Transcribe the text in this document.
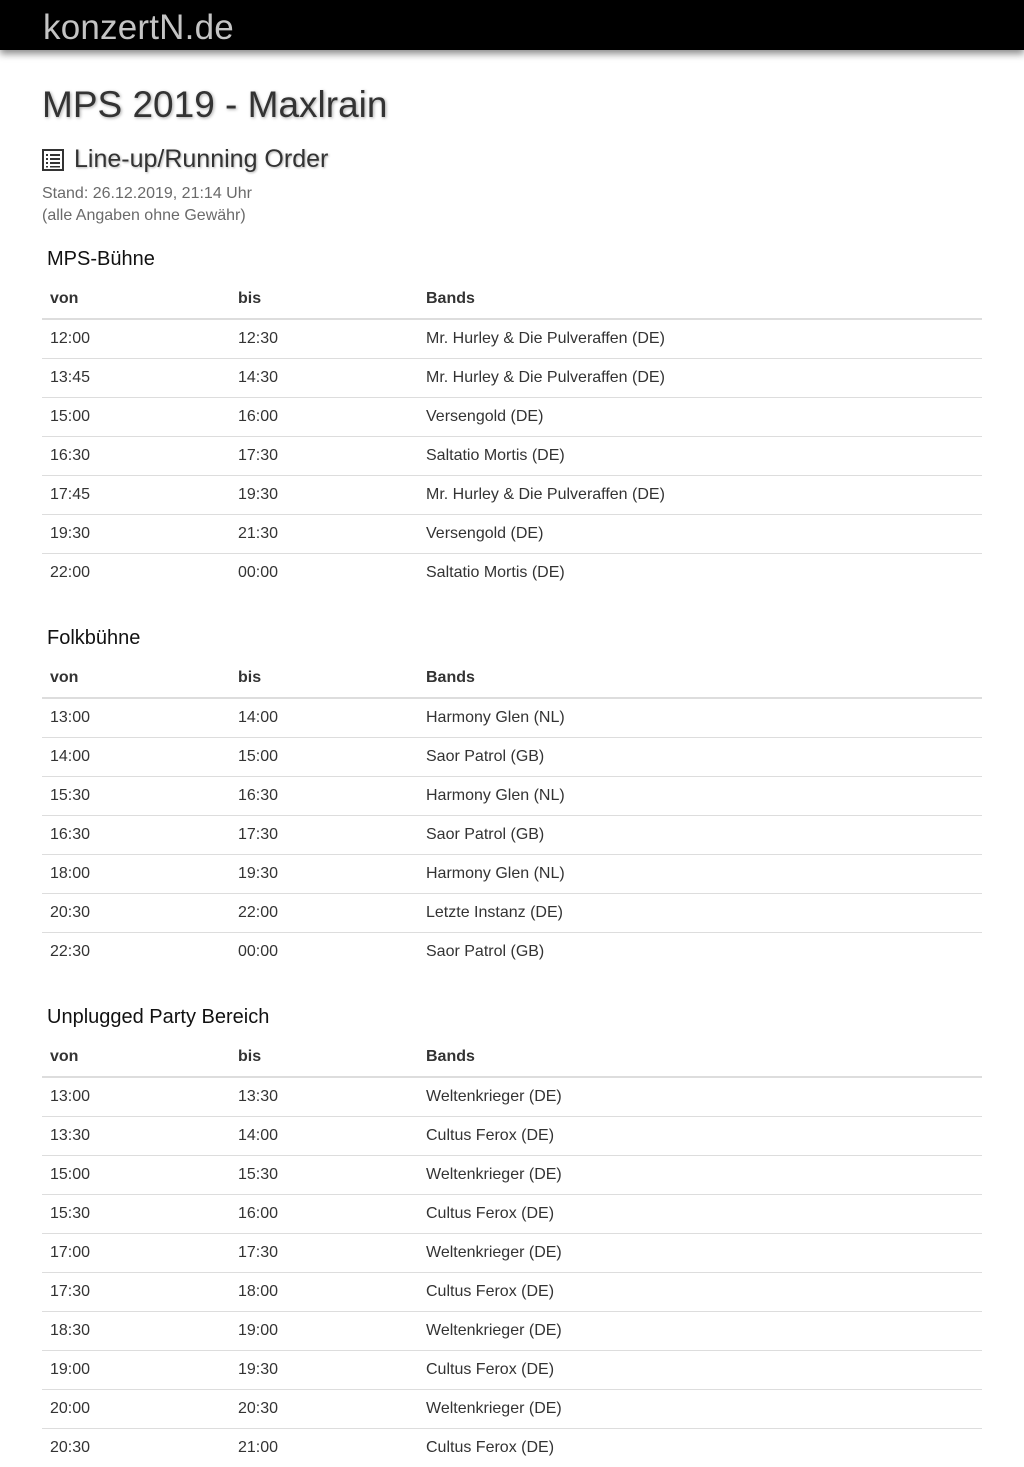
konzertN.de
MPS 2019 - Maxlrain
Line-up/Running Order
Stand: 26.12.2019, 21:14 Uhr
(alle Angaben ohne Gewähr)
MPS-Bühne
von	bis	Bands
12:00	12:30	Mr. Hurley & Die Pulveraffen (DE)
13:45	14:30	Mr. Hurley & Die Pulveraffen (DE)
15:00	16:00	Versengold (DE)
16:30	17:30	Saltatio Mortis (DE)
17:45	19:30	Mr. Hurley & Die Pulveraffen (DE)
19:30	21:30	Versengold (DE)
22:00	00:00	Saltatio Mortis (DE)
Folkbühne
von	bis	Bands
13:00	14:00	Harmony Glen (NL)
14:00	15:00	Saor Patrol (GB)
15:30	16:30	Harmony Glen (NL)
16:30	17:30	Saor Patrol (GB)
18:00	19:30	Harmony Glen (NL)
20:30	22:00	Letzte Instanz (DE)
22:30	00:00	Saor Patrol (GB)
Unplugged Party Bereich
von	bis	Bands
13:00	13:30	Weltenkrieger (DE)
13:30	14:00	Cultus Ferox (DE)
15:00	15:30	Weltenkrieger (DE)
15:30	16:00	Cultus Ferox (DE)
17:00	17:30	Weltenkrieger (DE)
17:30	18:00	Cultus Ferox (DE)
18:30	19:00	Weltenkrieger (DE)
19:00	19:30	Cultus Ferox (DE)
20:00	20:30	Weltenkrieger (DE)
20:30	21:00	Cultus Ferox (DE)
